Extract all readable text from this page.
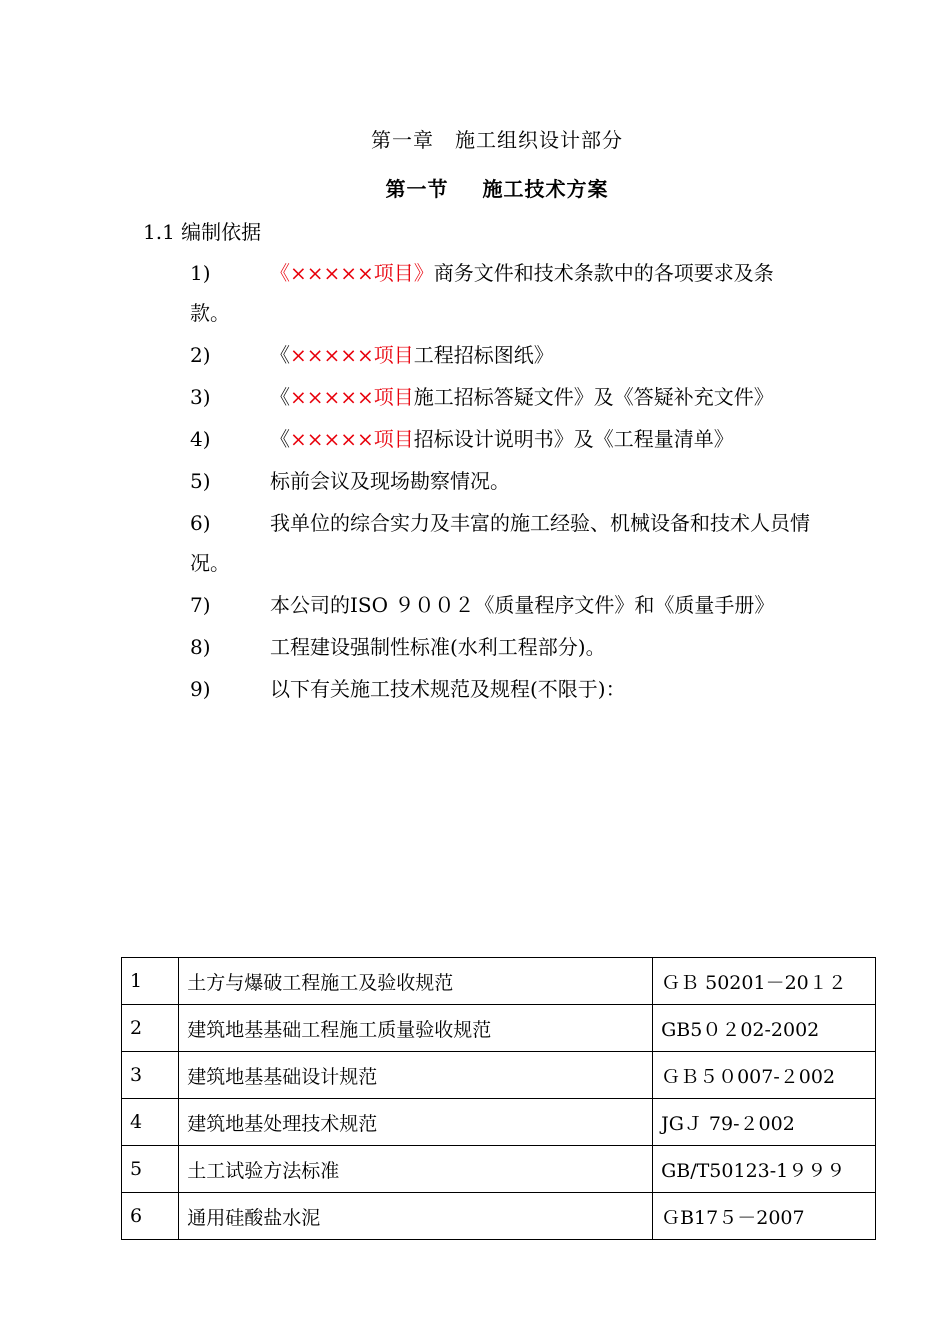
第一章　施工组织设计部分
第一节 施工技术方案
1.1 编制依据
1)	《×××××项目》商务文件和技术条款中的各项要求及条款。
2)	《×××××项目工程招标图纸》
3)	《×××××项目施工招标答疑文件》及《答疑补充文件》
4)	《×××××项目招标设计说明书》及《工程量清单》
5)	标前会议及现场勘察情况。
6)	我单位的综合实力及丰富的施工经验、机械设备和技术人员情况。
7)	本公司的ISO ９００２《质量程序文件》和《质量手册》
8)	工程建设强制性标准(水利工程部分)。
9)	以下有关施工技术规范及规程(不限于)：
1	土方与爆破工程施工及验收规范	ＧＢ 50201－20１２
2	建筑地基基础工程施工质量验收规范	GB5０２02-2002
3	建筑地基基础设计规范	ＧＢ５０007-２002
4	建筑地基处理技术规范	JGＪ 79-２002
5	土工试验方法标准	GB/T50123-1９９９
6	通用硅酸盐水泥	ＧB17５－2007
